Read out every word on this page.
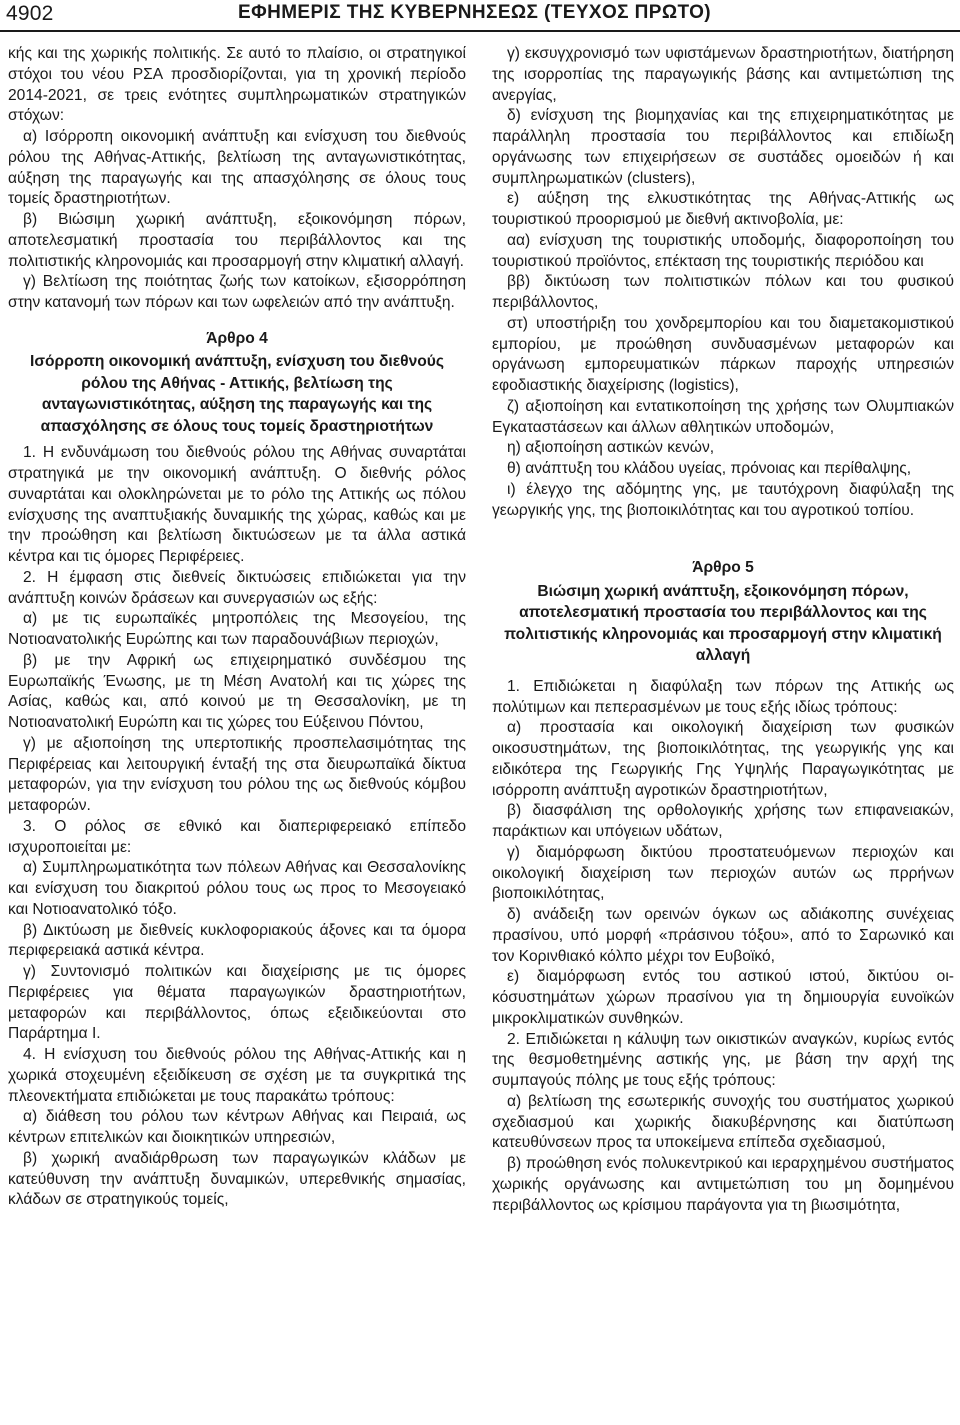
4902	ΕΦΗΜΕΡΙΣ ΤΗΣ ΚΥΒΕΡΝΗΣΕΩΣ (ΤΕΥΧΟΣ ΠΡΩΤΟ)

κής και της χωρικής πολιτικής. Σε αυτό το πλαίσιο, οι στρατηγικοί στόχοι του νέου ΡΣΑ προσδιορίζονται, για τη χρονική περίοδο 2014-2021, σε τρεις ενότητες συμπληρωματικών στρατηγικών στόχων:

α) Ισόρροπη οικονομική ανάπτυξη και ενίσχυση του διεθνούς ρόλου της Αθήνας-Αττικής, βελτίωση της ανταγωνιστικότητας, αύξηση της παραγωγής και της απασχόλησης σε όλους τους τομείς δραστηριοτήτων.

β) Βιώσιμη χωρική ανάπτυξη, εξοικονόμηση πόρων, αποτελεσματική προστασία του περιβάλλοντος και της πολιτιστικής κληρονομιάς και προσαρμογή στην κλιματική αλλαγή.

γ) Βελτίωση της ποιότητας ζωής των κατοίκων, εξισορρόπηση στην κατανομή των πόρων και των ωφελειών από την ανάπτυξη.

Άρθρο 4
Ισόρροπη οικονομική ανάπτυξη, ενίσχυση του διεθνούς ρόλου της Αθήνας - Αττικής, βελτίωση της ανταγωνιστικότητας, αύξηση της παραγωγής και της απασχόλησης σε όλους τους τομείς δραστηριοτήτων

1. Η ενδυνάμωση του διεθνούς ρόλου της Αθήνας συναρτάται στρατηγικά με την οικονομική ανάπτυξη. Ο διεθνής ρόλος συναρτάται και ολοκληρώνεται με το ρόλο της Αττικής ως πόλου ενίσχυσης της αναπτυξιακής δυναμικής της χώρας, καθώς και με την προώθηση και βελτίωση δικτυώσεων με τα άλλα αστικά κέντρα και τις όμορες Περιφέρειες.

2. Η έμφαση στις διεθνείς δικτυώσεις επιδιώκεται για την ανάπτυξη κοινών δράσεων και συνεργασιών ως εξής:

α) με τις ευρωπαϊκές μητροπόλεις της Μεσογείου, της Νοτιοανατολικής Ευρώπης και των παραδουνάβιων περιοχών,

β) με την Αφρική ως επιχειρηματικό συνδέσμου της Ευρωπαϊκής Ένωσης, με τη Μέση Ανατολή και τις χώρες της Ασίας, καθώς και, από κοινού με τη Θεσσαλονίκη, με τη Νοτιοανατολική Ευρώπη και τις χώρες του Εύξεινου Πόντου,

γ) με αξιοποίηση της υπερτοπικής προσπελασιμότητας της Περιφέρειας και λειτουργική ένταξή της στα διευρωπαϊκά δίκτυα μεταφορών, για την ενίσχυση του ρόλου της ως διεθνούς κόμβου μεταφορών.

3. Ο ρόλος σε εθνικό και διαπεριφερειακό επίπεδο ισχυροποιείται με:

α) Συμπληρωματικότητα των πόλεων Αθήνας και Θεσσαλονίκης και ενίσχυση του διακριτού ρόλου τους ως προς το Μεσογειακό και Νοτιοανατολικό τόξο.

β) Δικτύωση με διεθνείς κυκλοφοριακούς άξονες και τα όμορα περιφερειακά αστικά κέντρα.

γ) Συντονισμό πολιτικών και διαχείρισης με τις όμορες Περιφέρειες για θέματα παραγωγικών δραστηριοτήτων, μεταφορών και περιβάλλοντος, όπως εξειδικεύονται στο Παράρτημα Ι.

4. Η ενίσχυση του διεθνούς ρόλου της Αθήνας-Αττικής και η χωρικά στοχευμένη εξειδίκευση σε σχέση με τα συγκριτικά της πλεονεκτήματα επιδιώκεται με τους παρακάτω τρόπους:

α) διάθεση του ρόλου των κέντρων Αθήνας και Πειραιά, ως κέντρων επιτελικών και διοικητικών υπηρεσιών,

β) χωρική αναδιάρθρωση των παραγωγικών κλάδων με κατεύθυνση την ανάπτυξη δυναμικών, υπερεθνικής σημασίας, κλάδων σε στρατηγικούς τομείς,

γ) εκσυγχρονισμό των υφιστάμενων δραστηριοτήτων, διατήρηση της ισορροπίας της παραγωγικής βάσης και αντιμετώπιση της ανεργίας,

δ) ενίσχυση της βιομηχανίας και της επιχειρηματικότητας με παράλληλη προστασία του περιβάλλοντος και επιδίωξη οργάνωσης των επιχειρήσεων σε συστάδες ομοειδών ή και συμπληρωματικών (clusters),

ε) αύξηση της ελκυστικότητας της Αθήνας-Αττικής ως τουριστικού προορισμού με διεθνή ακτινοβολία, με:

αα) ενίσχυση της τουριστικής υποδομής, διαφοροποίηση του τουριστικού προϊόντος, επέκταση της τουριστικής περιόδου και

ββ) δικτύωση των πολιτιστικών πόλων και του φυσικού περιβάλλοντος,

στ) υποστήριξη του χονδρεμπορίου και του διαμετακομιστικού εμπορίου, με προώθηση συνδυασμένων μεταφορών και οργάνωση εμπορευματικών πάρκων παροχής υπηρεσιών εφοδιαστικής διαχείρισης (logistics),

ζ) αξιοποίηση και εντατικοποίηση της χρήσης των Ολυμπιακών Εγκαταστάσεων και άλλων αθλητικών υποδομών,

η) αξιοποίηση αστικών κενών,

θ) ανάπτυξη του κλάδου υγείας, πρόνοιας και περίθαλψης,

ι) έλεγχο της αδόμητης γης, με ταυτόχρονη διαφύλαξη της γεωργικής γης, της βιοποικιλότητας και του αγροτικού τοπίου.

Άρθρο 5
Βιώσιμη χωρική ανάπτυξη, εξοικονόμηση πόρων, αποτελεσματική προστασία του περιβάλλοντος και της πολιτιστικής κληρονομιάς και προσαρμογή στην κλιματική αλλαγή

1. Επιδιώκεται η διαφύλαξη των πόρων της Αττικής ως πολύτιμων και πεπερασμένων με τους εξής ιδίως τρόπους:

α) προστασία και οικολογική διαχείριση των φυσικών οικοσυστημάτων, της βιοποικιλότητας, της γεωργικής γης και ειδικότερα της Γεωργικής Γης Υψηλής Παραγωγικότητας με ισόρροπη ανάπτυξη αγροτικών δραστηριοτήτων,

β) διασφάλιση της ορθολογικής χρήσης των επιφανειακών, παράκτιων και υπόγειων υδάτων,

γ) διαμόρφωση δικτύου προστατευόμενων περιοχών και οικολογική διαχείριση των περιοχών αυτών ως πρρήνων βιοποικιλότητας,

δ) ανάδειξη των ορεινών όγκων ως αδιάκοπης συνέχειας πρασίνου, υπό μορφή «πράσινου τόξου», από το Σαρωνικό και τον Κορινθιακό κόλπο μέχρι τον Ευβοϊκό,

ε) διαμόρφωση εντός του αστικού ιστού, δικτύου οικόσυστημάτων χώρων πρασίνου για τη δημιουργία ευνοϊκών μικροκλιματικών συνθηκών.

2. Επιδιώκεται η κάλυψη των οικιστικών αναγκών, κυρίως εντός της θεσμοθετημένης αστικής γης, με βάση την αρχή της συμπαγούς πόλης με τους εξής τρόπους:

α) βελτίωση της εσωτερικής συνοχής του συστήματος χωρικού σχεδιασμού και χωρικής διακυβέρνησης και διατύπωση κατευθύνσεων προς τα υποκείμενα επίπεδα σχεδιασμού,

β) προώθηση ενός πολυκεντρικού και ιεραρχημένου συστήματος χωρικής οργάνωσης και αντιμετώπιση του μη δομημένου περιβάλλοντος ως κρίσιμου παράγοντα για τη βιωσιμότητα,
